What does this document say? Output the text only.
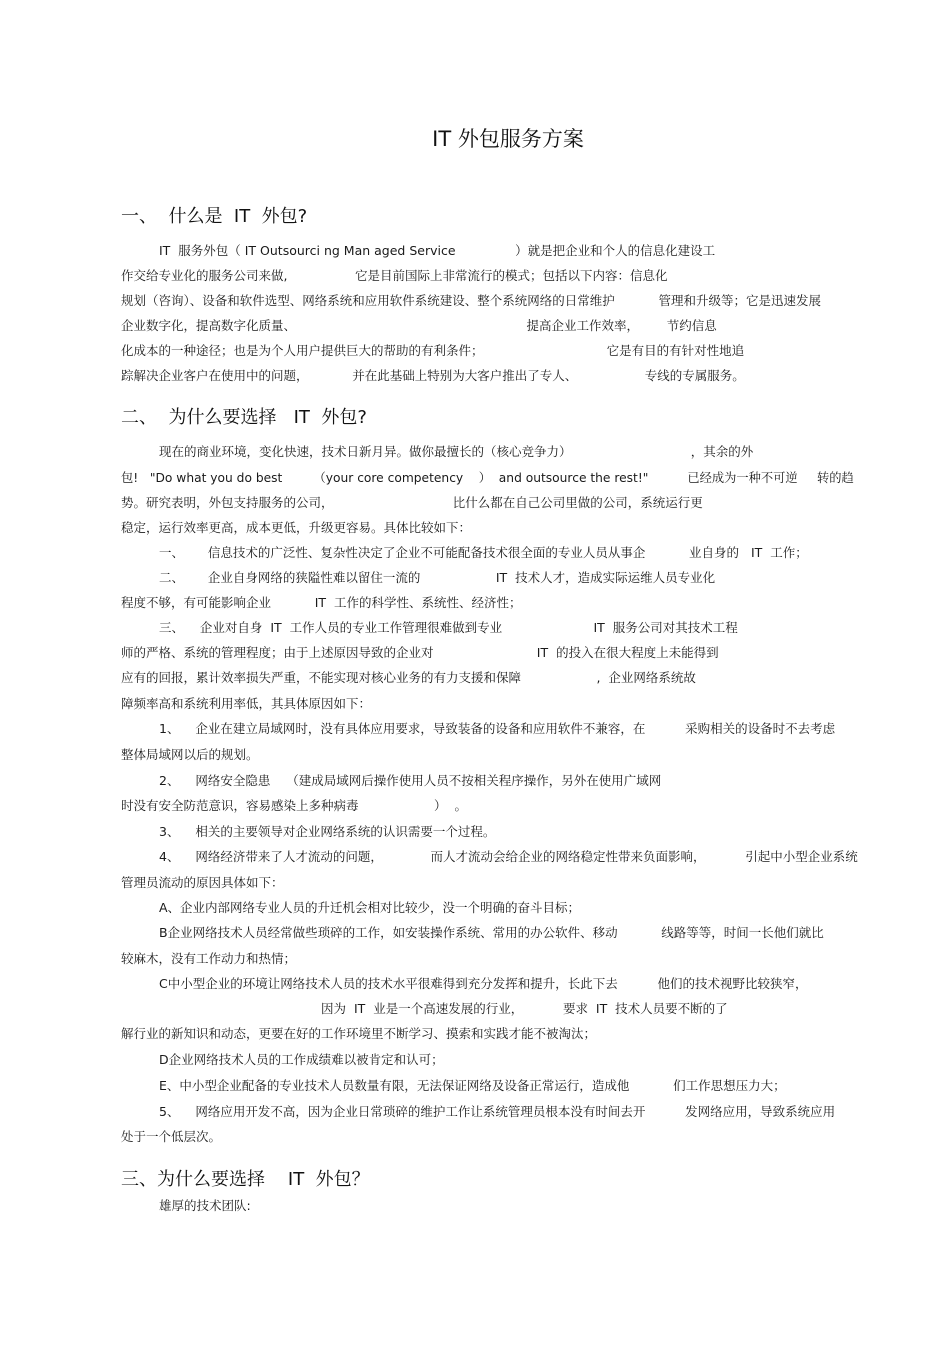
IT 外包服务方案
一、  什么是  IT  外包?
IT  服务外包（ IT Outsourci ng Man aged Service               ）就是把企业和个人的信息化建设工
作交给专业化的服务公司来做,                 它是目前国际上非常流行的模式；包括以下内容：信息化
规划（咨询）、设备和软件选型、网络系统和应用软件系统建设、整个系统网络的日常维护           管理和升级等；它是迅速发展
企业数字化，提高数字化质量、                                                          提高企业工作效率，       节约信息
化成本的一种途径；也是为个人用户提供巨大的帮助的有利条件；                               它是有目的有针对性地追
踪解决企业客户在使用中的问题，           并在此基础上特别为大客户推出了专人、                 专线的专属服务。
二、  为什么要选择   IT  外包?
现在的商业环境，变化快速，技术日新月异。做你最擅长的（核心竞争力）                              ，其余的外
包!   "Do what you do best        （your core competency    ）  and outsource the rest!"          已经成为一种不可逆     转的趋
势。研究表明，外包支持服务的公司，                              比什么都在自己公司里做的公司，系统运行更
稳定，运行效率更高，成本更低，升级更容易。具体比较如下：
一、      信息技术的广泛性、复杂性决定了企业不可能配备技术很全面的专业人员从事企           业自身的   IT  工作；
二、      企业自身网络的狭隘性难以留住一流的                   IT  技术人才，造成实际运维人员专业化
程度不够，有可能影响企业           IT  工作的科学性、系统性、经济性；
三、    企业对自身  IT  工作人员的专业工作管理很难做到专业                       IT  服务公司对其技术工程
师的严格、系统的管理程度；由于上述原因导致的企业对                          IT  的投入在很大程度上未能得到
应有的回报，累计效率损失严重，不能实现对核心业务的有力支援和保障                   ,  企业网络系统故
障频率高和系统利用率低，其具体原因如下：
1、    企业在建立局域网时，没有具体应用要求，导致装备的设备和应用软件不兼容，在          采购相关的设备时不去考虑
整体局域网以后的规划。
2、    网络安全隐患    （建成局域网后操作使用人员不按相关程序操作，另外在使用广域网
时没有安全防范意识，容易感染上多种病毒                   ）  。
3、    相关的主要领导对企业网络系统的认识需要一个过程。
4、    网络经济带来了人才流动的问题，            而人才流动会给企业的网络稳定性带来负面影响，          引起中小型企业系统
管理员流动的原因具体如下：
A、企业内部网络专业人员的升迁机会相对比较少，没一个明确的奋斗目标；
B企业网络技术人员经常做些琐碎的工作，如安装操作系统、常用的办公软件、移动           线路等等，时间一长他们就比
较麻木，没有工作动力和热情；
C中小型企业的环境让网络技术人员的技术水平很难得到充分发挥和提升，长此下去          他们的技术视野比较狭窄，
因为  IT  业是一个高速发展的行业，          要求  IT  技术人员要不断的了
解行业的新知识和动态，更要在好的工作环境里不断学习、摸索和实践才能不被淘汰；
D企业网络技术人员的工作成绩难以被肯定和认可；
E、中小型企业配备的专业技术人员数量有限，无法保证网络及设备正常运行，造成他           们工作思想压力大；
5、    网络应用开发不高，因为企业日常琐碎的维护工作让系统管理员根本没有时间去开          发网络应用，导致系统应用
处于一个低层次。
三、为什么要选择    IT  外包？
雄厚的技术团队:
